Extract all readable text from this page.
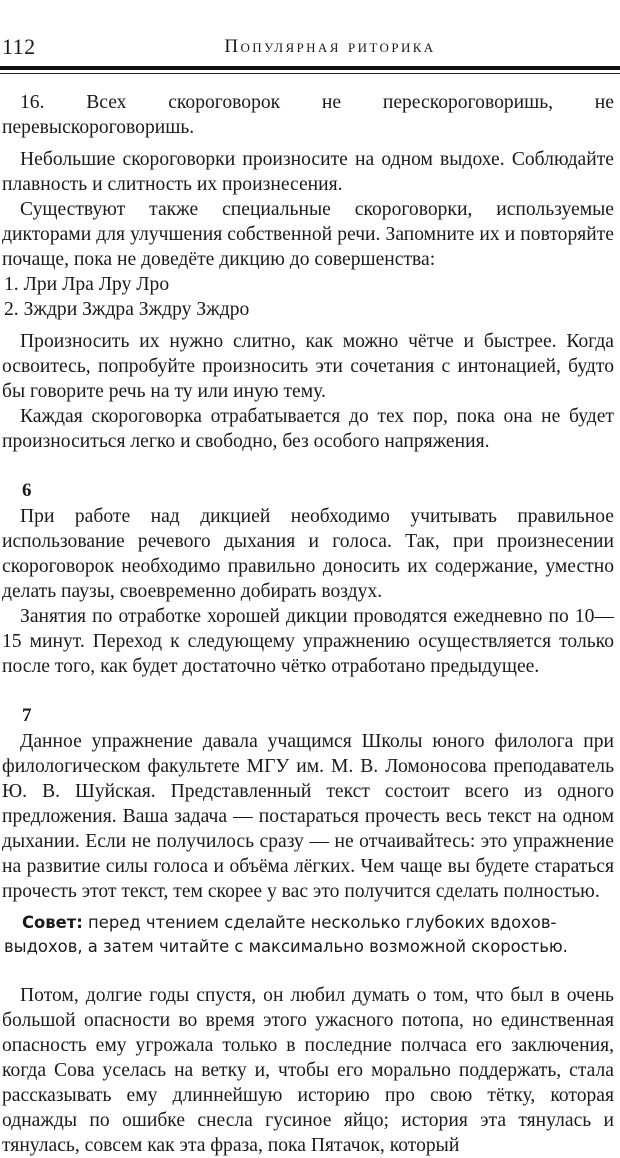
112	Популярная риторика

16. Всех скороговорок не перескороговоришь, не перевыскороговоришь.

Небольшие скороговорки произносите на одном выдохе. Соблюдайте плавность и слитность их произнесения.

Существуют также специальные скороговорки, используемые дикторами для улучшения собственной речи. Запомните их и повторяйте почаще, пока не доведёте дикцию до совершенства:

1. Лри Лра Лру Лро

2. Зждри Зждра Зждру Зждро

Произносить их нужно слитно, как можно чётче и быстрее. Когда освоитесь, попробуйте произносить эти сочетания с интонацией, будто бы говорите речь на ту или иную тему.

Каждая скороговорка отрабатывается до тех пор, пока она не будет произноситься легко и свободно, без особого напряжения.

6

При работе над дикцией необходимо учитывать правильное использование речевого дыхания и голоса. Так, при произнесении скороговорок необходимо правильно доносить их содержание, уместно делать паузы, своевременно добирать воздух.

Занятия по отработке хорошей дикции проводятся ежедневно по 10—15 минут. Переход к следующему упражнению осуществляется только после того, как будет достаточно чётко отработано предыдущее.

7

Данное упражнение давала учащимся Школы юного филолога при филологическом факультете МГУ им. М. В. Ломоносова преподаватель Ю. В. Шуйская. Представленный текст состоит всего из одного предложения. Ваша задача — постараться прочесть весь текст на одном дыхании. Если не получилось сразу — не отчаивайтесь: это упражнение на развитие силы голоса и объёма лёгких. Чем чаще вы будете стараться прочесть этот текст, тем скорее у вас это получится сделать полностью.

Совет: перед чтением сделайте несколько глубоких вдохов-выдохов, а затем читайте с максимально возможной скоростью.

Потом, долгие годы спустя, он любил думать о том, что был в очень большой опасности во время этого ужасного потопа, но единственная опасность ему угрожала только в последние полчаса его заключения, когда Сова уселась на ветку и, чтобы его морально поддержать, стала рассказывать ему длиннейшую историю про свою тётку, которая однажды по ошибке снесла гусиное яйцо; история эта тянулась и тянулась, совсем как эта фраза, пока Пятачок, который
